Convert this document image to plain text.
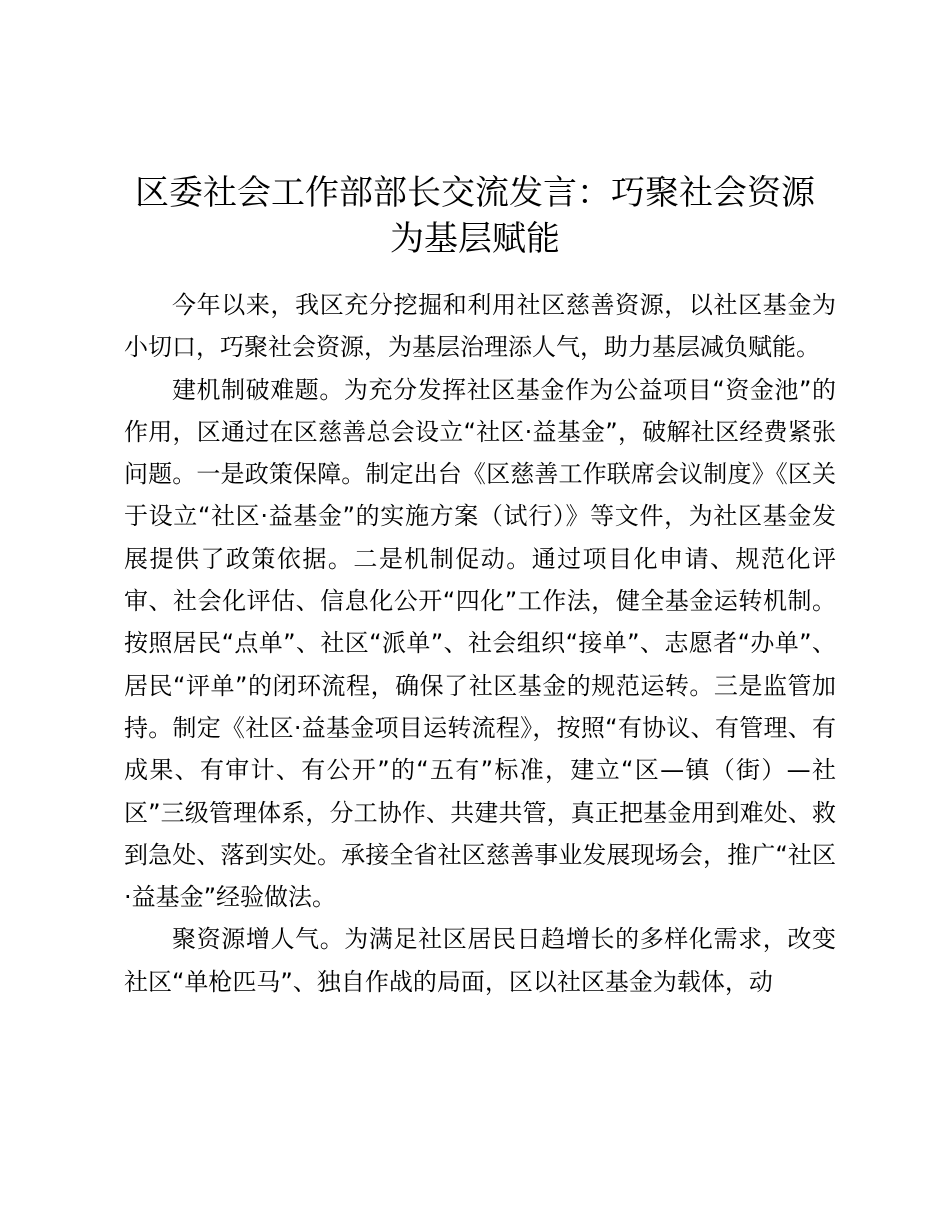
区委社会工作部部长交流发言：巧聚社会资源
为基层赋能

今年以来，我区充分挖掘和利用社区慈善资源，以社区基金为小切口，巧聚社会资源，为基层治理添人气，助力基层减负赋能。

建机制破难题。为充分发挥社区基金作为公益项目“资金池”的作用，区通过在区慈善总会设立“社区·益基金”，破解社区经费紧张问题。一是政策保障。制定出台《区慈善工作联席会议制度》《区关于设立“社区·益基金”的实施方案（试行）》等文件，为社区基金发展提供了政策依据。二是机制促动。通过项目化申请、规范化评审、社会化评估、信息化公开“四化”工作法，健全基金运转机制。按照居民“点单”、社区“派单”、社会组织“接单”、志愿者“办单”、居民“评单”的闭环流程，确保了社区基金的规范运转。三是监管加持。制定《社区·益基金项目运转流程》，按照“有协议、有管理、有成果、有审计、有公开”的“五有”标准，建立“区—镇（街）—社区”三级管理体系，分工协作、共建共管，真正把基金用到难处、救到急处、落到实处。承接全省社区慈善事业发展现场会，推广“社区·益基金”经验做法。

聚资源增人气。为满足社区居民日趋增长的多样化需求，改变社区“单枪匹马”、独自作战的局面，区以社区基金为载体，动
